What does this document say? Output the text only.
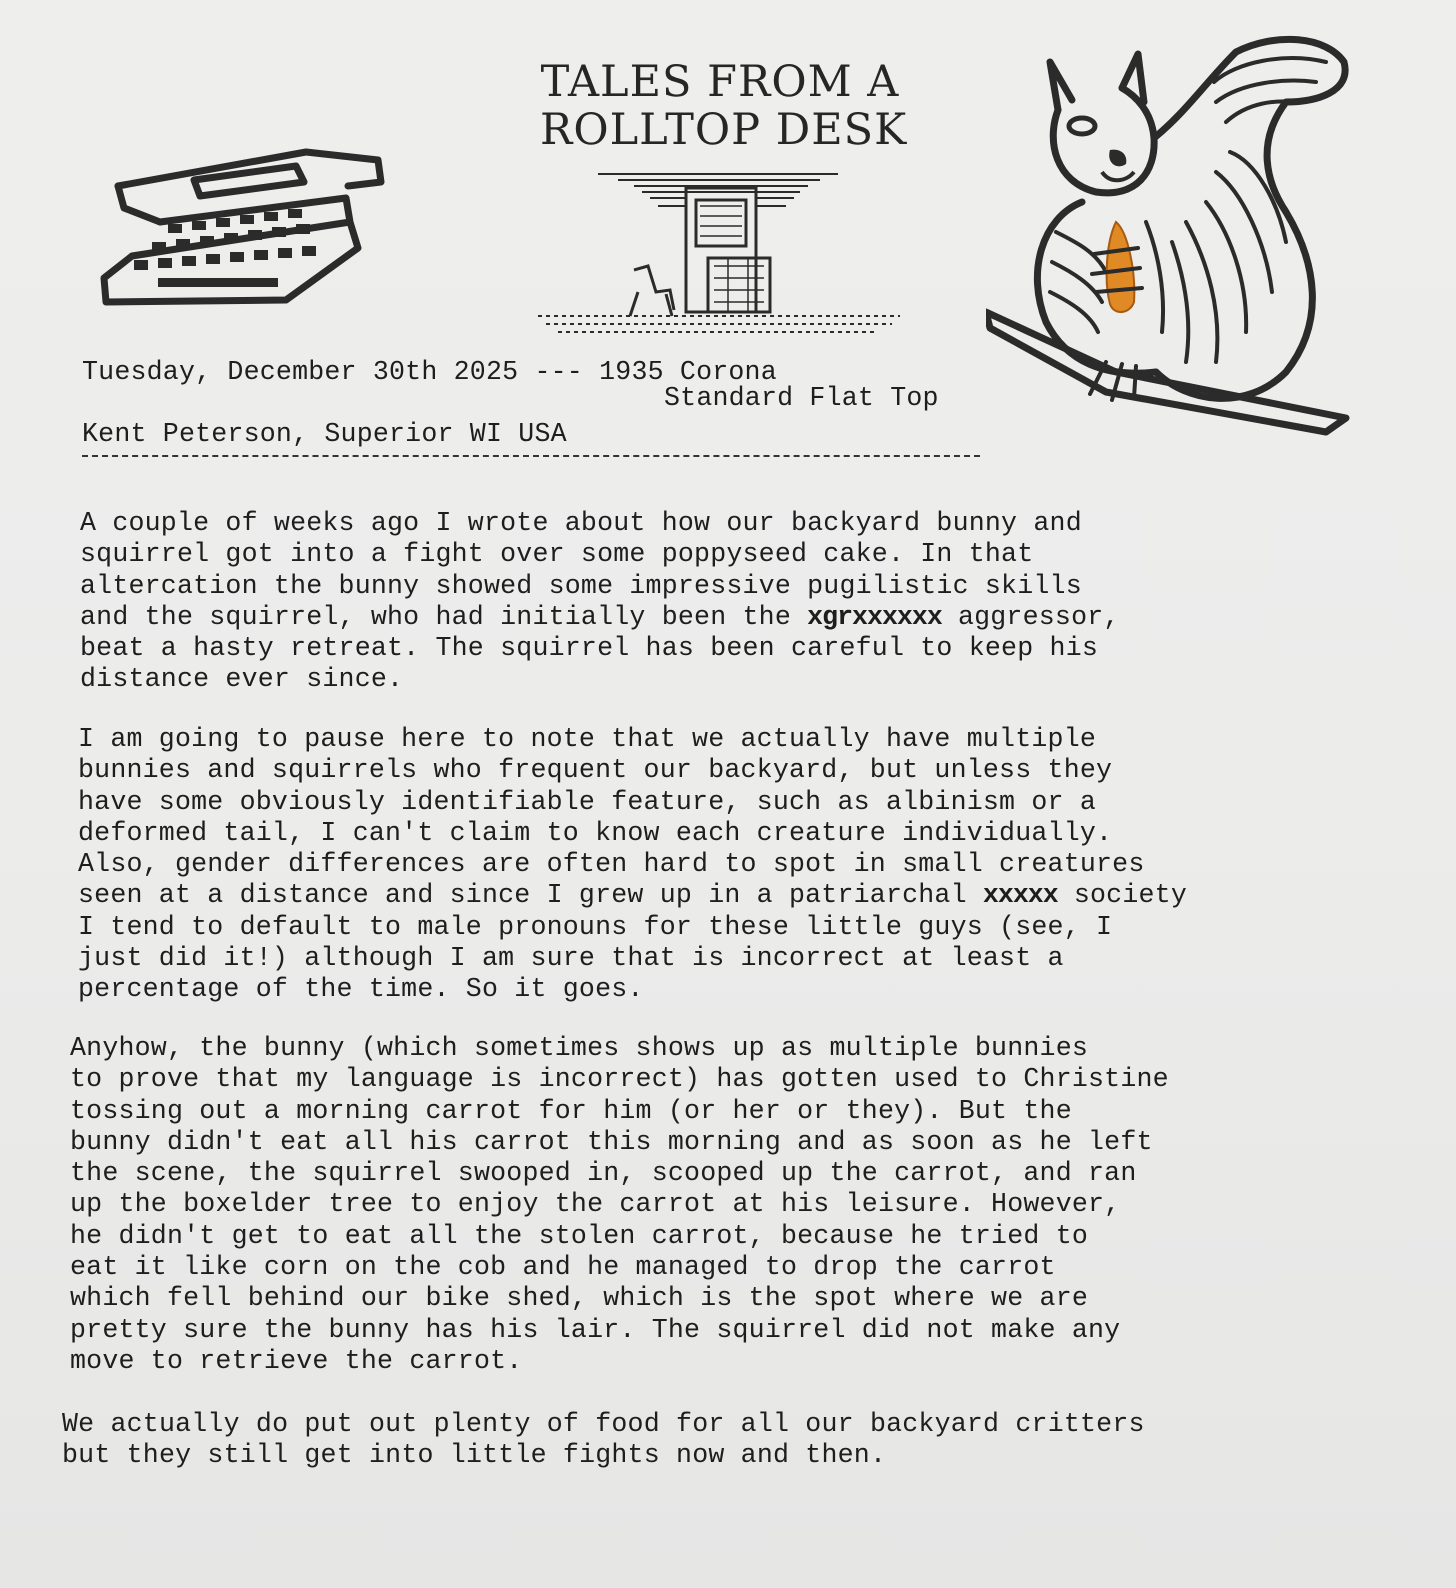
TALES FROM A
ROLLTOP DESK
Tuesday, December 30th 2025 --- 1935 Corona
Standard Flat Top
Kent Peterson, Superior WI USA
A couple of weeks ago I wrote about how our backyard bunny and
squirrel got into a fight over some poppyseed cake. In that
altercation the bunny showed some impressive pugilistic skills
and the squirrel, who had initially been the xgrxxxxxx aggressor,
beat a hasty retreat. The squirrel has been careful to keep his
distance ever since.
I am going to pause here to note that we actually have multiple
bunnies and squirrels who frequent our backyard, but unless they
have some obviously identifiable feature, such as albinism or a
deformed tail, I can't claim to know each creature individually.
Also, gender differences are often hard to spot in small creatures
seen at a distance and since I grew up in a patriarchal xxxxx society
I tend to default to male pronouns for these little guys (see, I
just did it!) although I am sure that is incorrect at least a
percentage of the time. So it goes.
Anyhow, the bunny (which sometimes shows up as multiple bunnies
to prove that my language is incorrect) has gotten used to Christine
tossing out a morning carrot for him (or her or they). But the
bunny didn't eat all his carrot this morning and as soon as he left
the scene, the squirrel swooped in, scooped up the carrot, and ran
up the boxelder tree to enjoy the carrot at his leisure. However,
he didn't get to eat all the stolen carrot, because he tried to
eat it like corn on the cob and he managed to drop the carrot
which fell behind our bike shed, which is the spot where we are
pretty sure the bunny has his lair. The squirrel did not make any
move to retrieve the carrot.
We actually do put out plenty of food for all our backyard critters
but they still get into little fights now and then.
